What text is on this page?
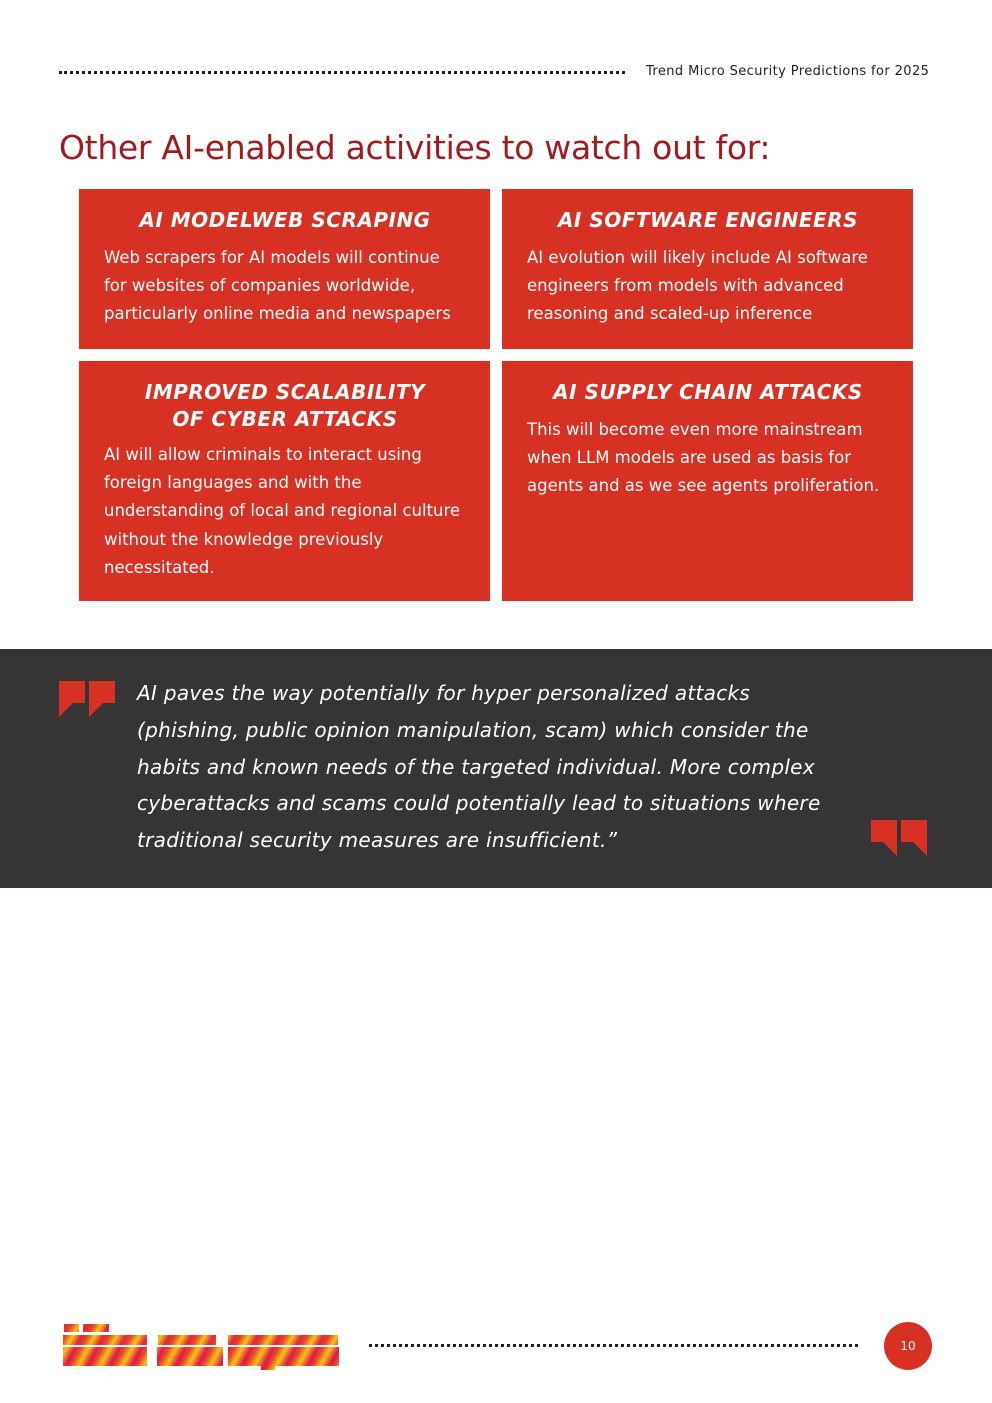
Trend Micro Security Predictions for 2025
Other AI-enabled activities to watch out for:

AI MODELWEB SCRAPING

Web scrapers for AI models will continue for websites of companies worldwide, particularly online media and newspapers

AI SOFTWARE ENGINEERS

AI evolution will likely include AI software engineers from models with advanced reasoning and scaled-up inference

IMPROVED SCALABILITY
OF CYBER ATTACKS

AI will allow criminals to interact using foreign languages and with the understanding of local and regional culture without the knowledge previously necessitated.

AI SUPPLY CHAIN ATTACKS

This will become even more mainstream when LLM models are used as basis for agents and as we see agents proliferation.

AI paves the way potentially for hyper personalized attacks (phishing, public opinion manipulation, scam) which consider the habits and known needs of the targeted individual. More complex cyberattacks and scams could potentially lead to situations where traditional security measures are insufficient.”

10
